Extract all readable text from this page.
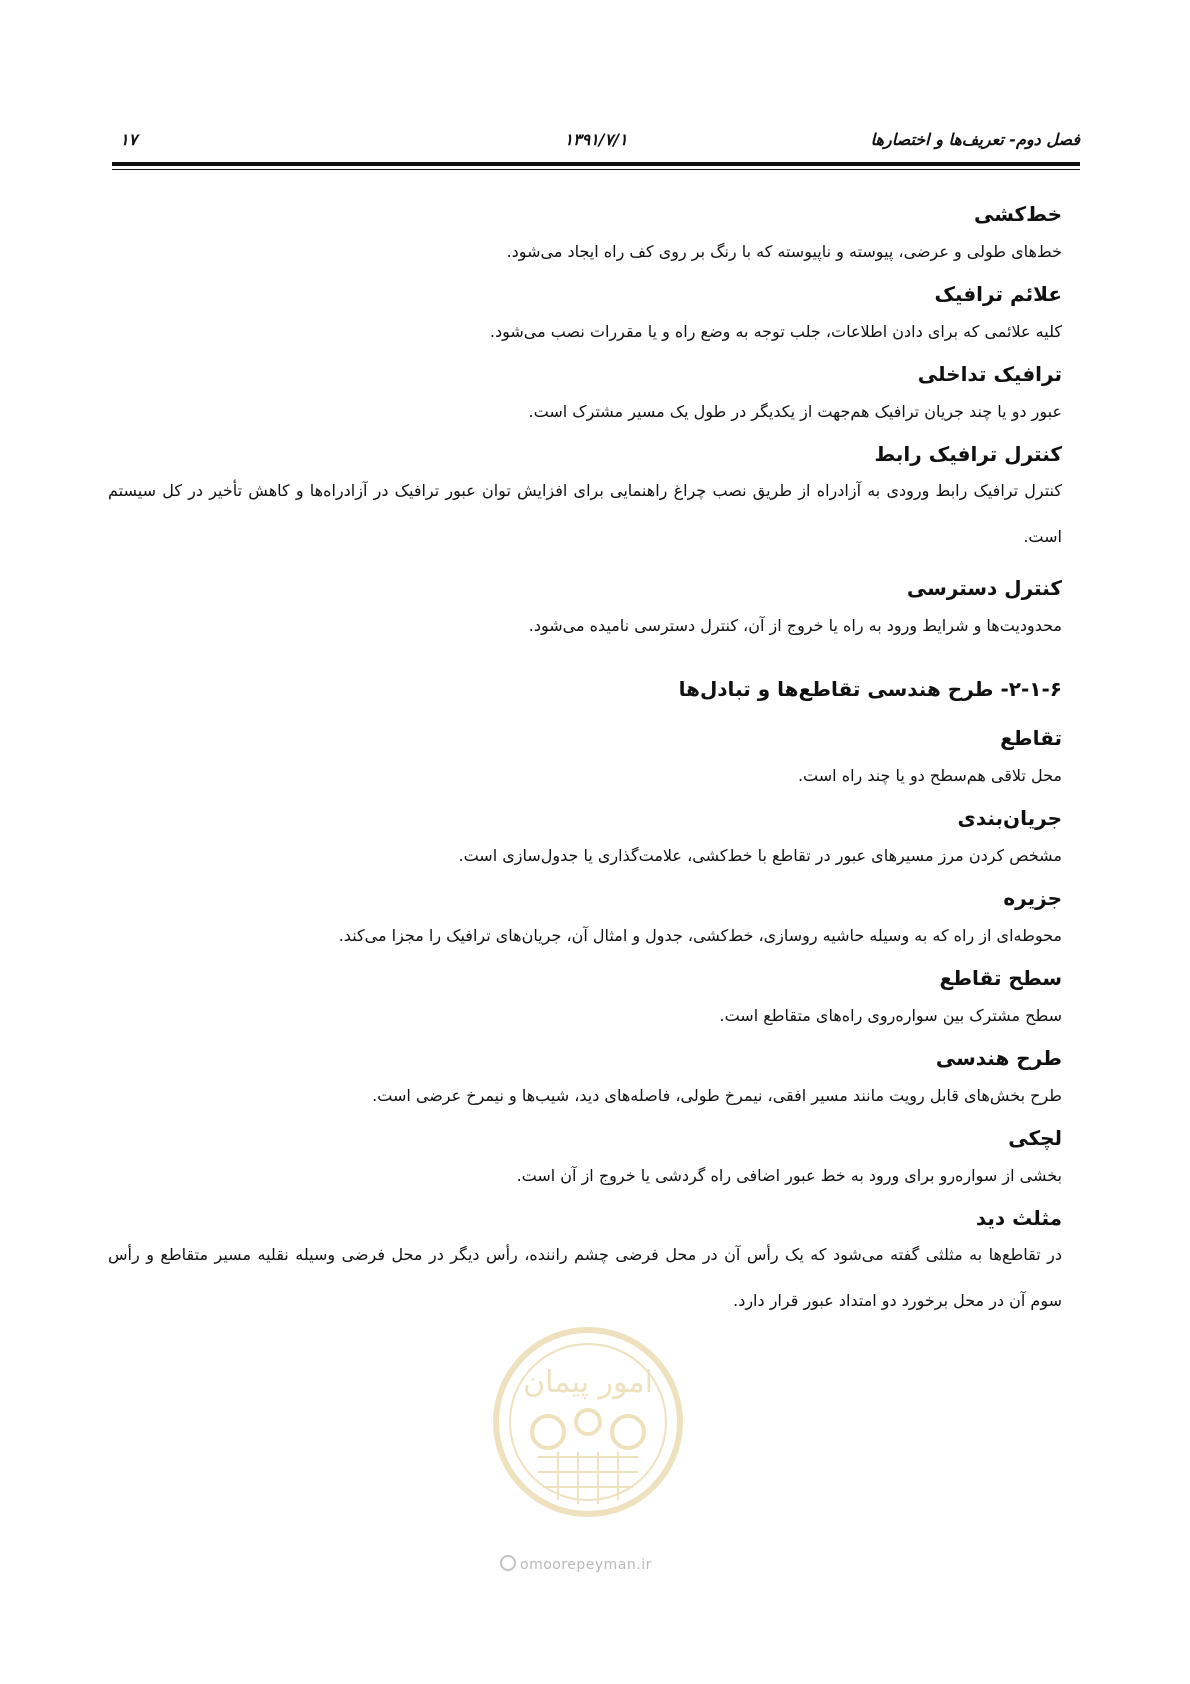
۱۷	۱۳۹۱/۷/۱	فصل دوم- تعریف‌ها و اختصارها
خط‌کشی

خط‌های طولی و عرضی، پیوسته و ناپیوسته که با رنگ بر روی کف راه ایجاد می‌شود.

علائم ترافیک

کلیه علائمی که برای دادن اطلاعات، جلب توجه به وضع راه و یا مقررات نصب می‌شود.

ترافیک تداخلی

عبور دو یا چند جریان ترافیک هم‌جهت از یکدیگر در طول یک مسیر مشترک است.

کنترل ترافیک رابط

کنترل ترافیک رابط ورودی به آزادراه از طریق نصب چراغ راهنمایی برای افزایش توان عبور ترافیک در آزادراه‌ها و کاهش تأخیر در کل سیستم است.

کنترل دسترسی

محدودیت‌ها و شرایط ورود به راه یا خروج از آن، کنترل دسترسی نامیده می‌شود.

۲-۱-۶- طرح هندسی تقاطع‌ها و تبادل‌ها
تقاطع

محل تلاقی هم‌سطح دو یا چند راه است.

جریان‌بندی

مشخص کردن مرز مسیرهای عبور در تقاطع با خط‌کشی، علامت‌گذاری یا جدول‌سازی است.

جزیره

محوطه‌ای از راه که به وسیله حاشیه روسازی، خط‌کشی، جدول و امثال آن، جریان‌های ترافیک را مجزا می‌کند.

سطح تقاطع

سطح مشترک بین سواره‌روی راه‌های متقاطع است.

طرح هندسی

طرح بخش‌های قابل رویت مانند مسیر افقی، نیمرخ طولی، فاصله‌های دید، شیب‌ها و نیمرخ عرضی است.

لچکی

بخشی از سواره‌رو برای ورود به خط عبور اضافی راه گردشی یا خروج از آن است.

مثلث دید

در تقاطع‌ها به مثلثی گفته می‌شود که یک رأس آن در محل فرضی چشم راننده، رأس دیگر در محل فرضی وسیله نقلیه مسیر متقاطع و رأس سوم آن در محل برخورد دو امتداد عبور قرار دارد.

امور پیمان
omoorepeyman.ir
